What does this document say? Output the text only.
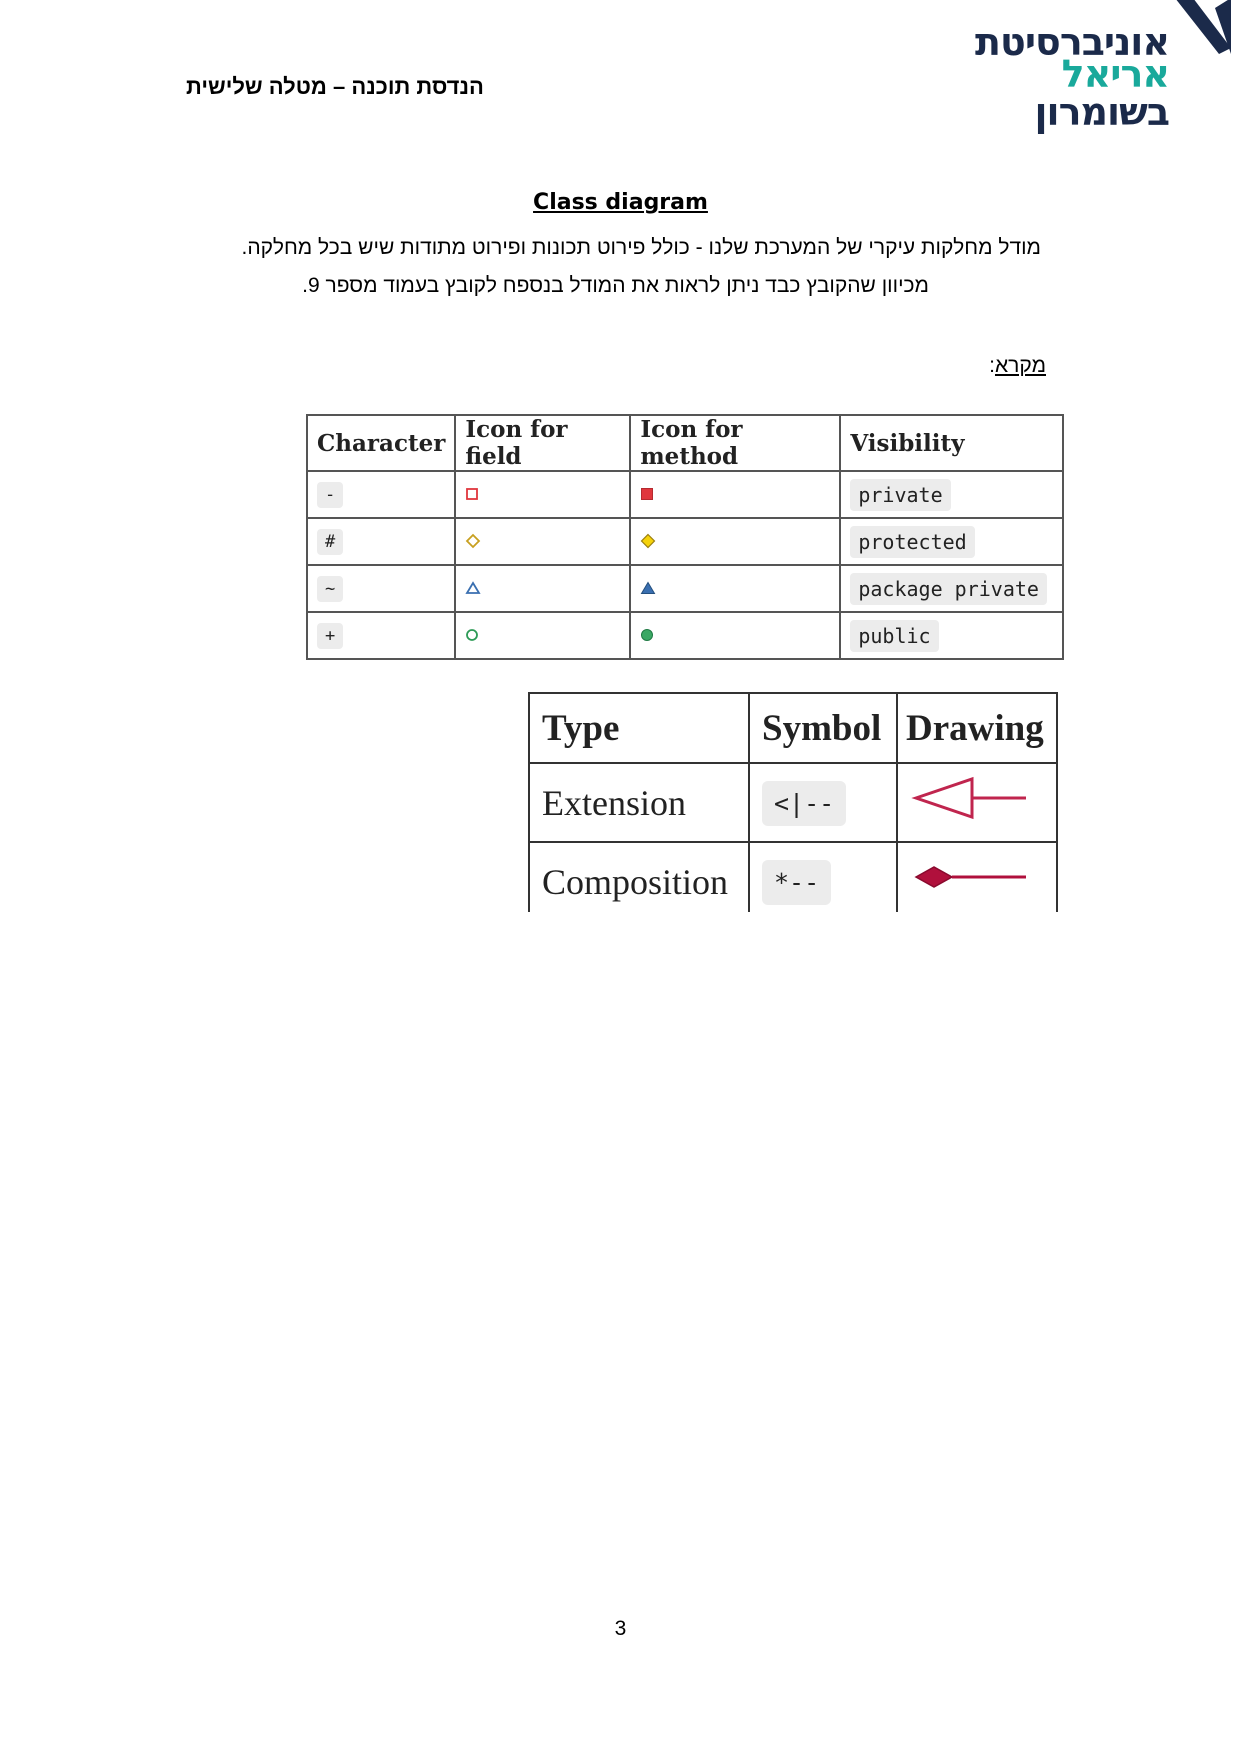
הנדסת תוכנה – מטלה שלישית
אוניברסיטת
אריאל
בשומרון
Class diagram
מודל מחלקות עיקרי של המערכת שלנו - כולל פירוט תכונות ופירוט מתודות שיש בכל מחלקה.
מכיוון שהקובץ כבד ניתן לראות את המודל בנספח לקובץ בעמוד מספר 9.
מקרא:
Character	Icon for field	Icon for method	Visibility
-			private
#			protected
~			package private
+			public
Type	Symbol	Drawing
Extension	<|--	
Composition	*--	
3
